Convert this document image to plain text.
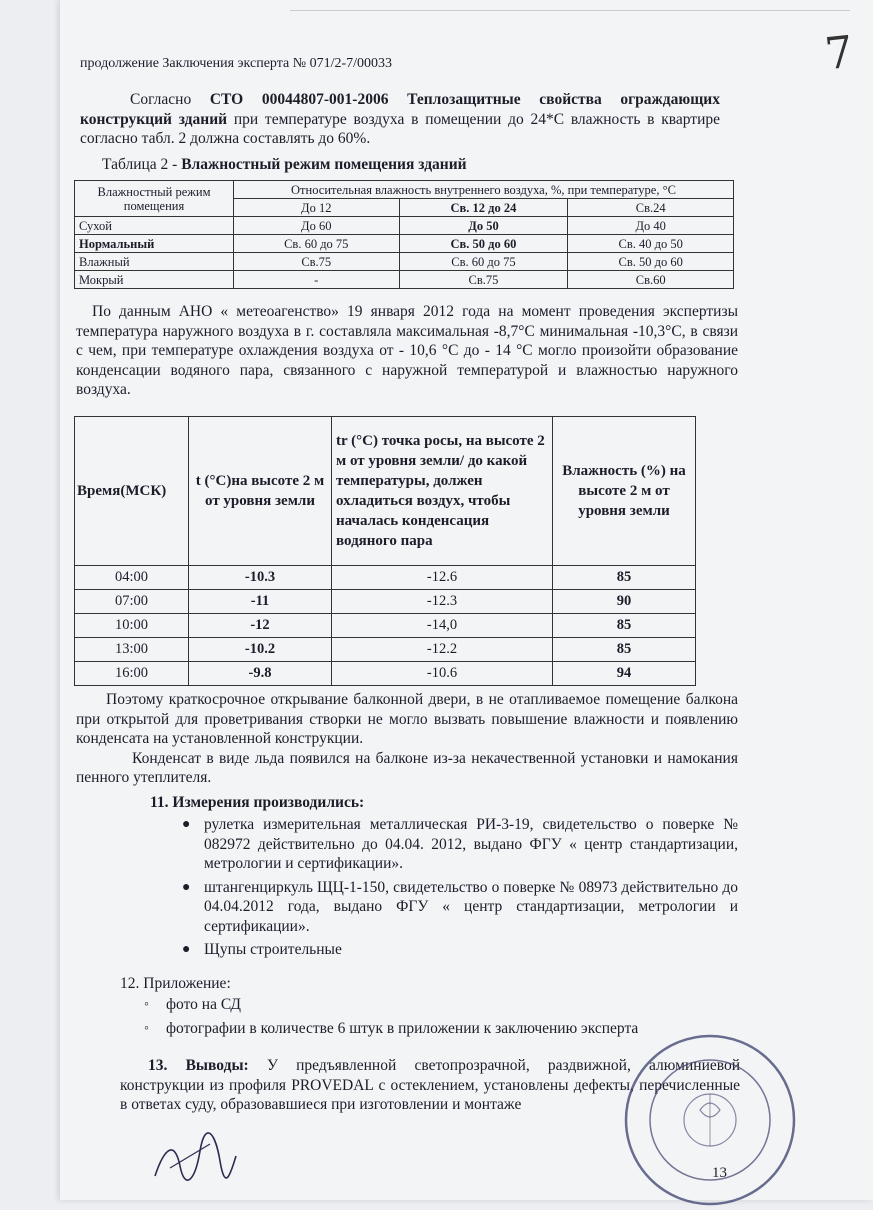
7
продолжение Заключения эксперта № 071/2-7/00033
Согласно СТО 00044807-001-2006 Теплозащитные свойства ограждающих конструкций зданий при температуре воздуха в помещении до 24*С влажность в квартире согласно табл. 2 должна составлять до 60%.
Таблица 2 - Влажностный режим помещения зданий
Влажностный режим помещения	Относительная влажность внутреннего воздуха, %, при температуре, °С		
	До 12	Св. 12 до 24	Св.24
Сухой	До 60	До 50	До 40
Нормальный	Св. 60 до 75	Св. 50 до 60	Св. 40 до 50
Влажный	Св.75	Св. 60 до 75	Св. 50 до 60
Мокрый	-	Св.75	Св.60
По данным АНО « метеоагенство» 19 января 2012 года на момент проведения экспертизы температура наружного воздуха в г. составляла максимальная -8,7°С минимальная -10,3°С, в связи с чем, при температуре охлаждения воздуха от - 10,6 °С до - 14 °С могло произойти образование конденсации водяного пара, связанного с наружной температурой и влажностью наружного воздуха.
Время(МСК)	t (°С)на высоте 2 м от уровня земли	tr (°С) точка росы, на высоте 2 м от уровня земли/ до какой температуры, должен охладиться воздух, чтобы началась конденсация водяного пара	Влажность (%) на высоте 2 м от уровня земли
04:00	-10.3	-12.6	85
07:00	-11	-12.3	90
10:00	-12	-14,0	85
13:00	-10.2	-12.2	85
16:00	-9.8	-10.6	94
Поэтому краткосрочное открывание балконной двери, в не отапливаемое помещение балкона при открытой для проветривания створки не могло вызвать повышение влажности и появлению конденсата на установленной конструкции.
Конденсат в виде льда появился на балконе из-за некачественной установки и намокания пенного утеплителя.
11. Измерения производились:
● рулетка измерительная металлическая РИ-3-19, свидетельство о поверке № 082972 действительно до 04.04. 2012, выдано ФГУ « центр стандартизации, метрологии и сертификации».
● штангенциркуль ЩЦ-1-150, свидетельство о поверке № 08973 действительно до 04.04.2012 года, выдано ФГУ « центр стандартизации, метрологии и сертификации».
● Щупы строительные
12. Приложение:
◦ фото на СД
◦ фотографии в количестве 6 штук в приложении к заключению эксперта
13. Выводы: У предъявленной светопрозрачной, раздвижной, алюминиевой конструкции из профиля PROVEDAL с остеклением, установлены дефекты, перечисленные в ответах суду, образовавшиеся при изготовлении и монтаже
13
